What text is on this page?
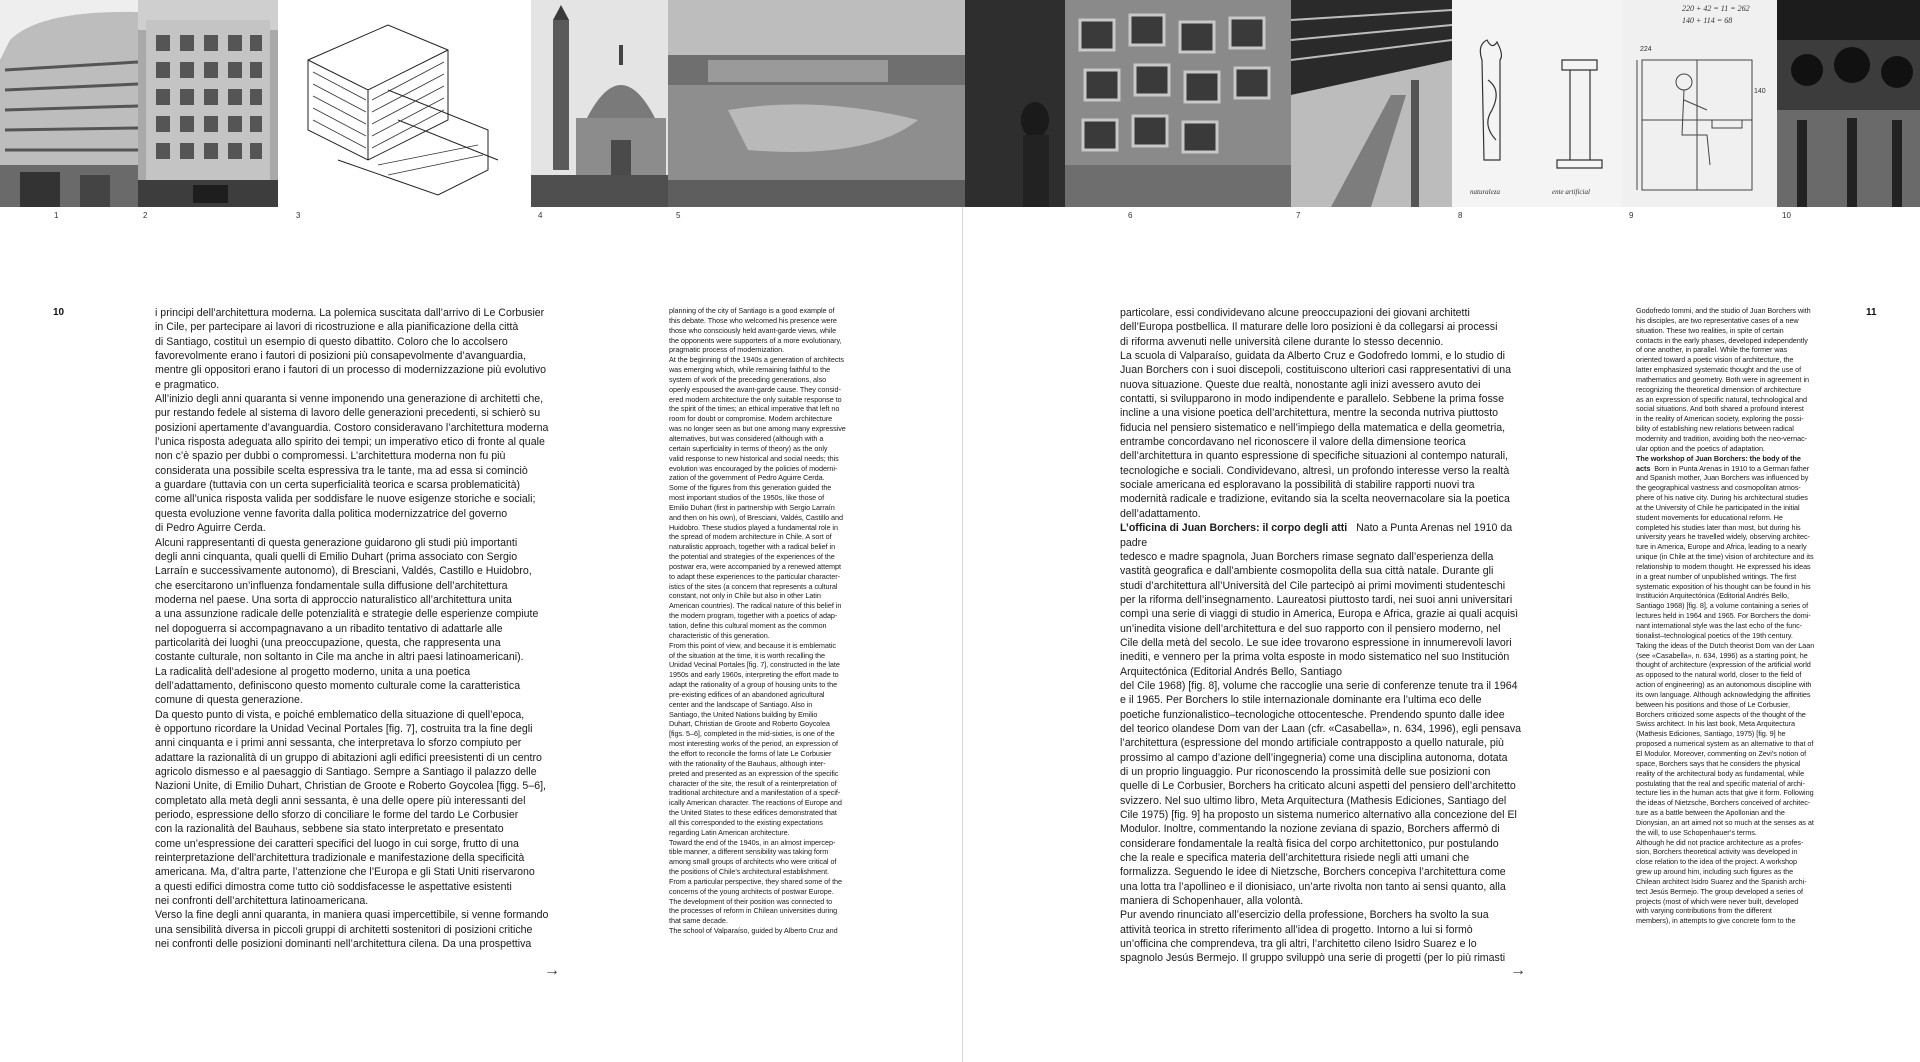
naturaleza	ente artificial
220 + 42 = 11 = 262
140 + 114 = 68
224
140
1	2	3	4	5	6	7	8	9	10
10	11

i principi dell’architettura moderna. La polemica suscitata dall’arrivo di Le Corbusier

in Cile, per partecipare ai lavori di ricostruzione e alla pianificazione della città

di Santiago, costituì un esempio di questo dibattito. Coloro che lo accolsero

favorevolmente erano i fautori di posizioni più consapevolmente d’avanguardia,

mentre gli oppositori erano i fautori di un processo di modernizzazione più evolutivo

e pragmatico.

All’inizio degli anni quaranta si venne imponendo una generazione di architetti che,

pur restando fedele al sistema di lavoro delle generazioni precedenti, si schierò su

posizioni apertamente d’avanguardia. Costoro consideravano l’architettura moderna

l’unica risposta adeguata allo spirito dei tempi; un imperativo etico di fronte al quale

non c’è spazio per dubbi o compromessi. L’architettura moderna non fu più

considerata una possibile scelta espressiva tra le tante, ma ad essa si cominciò

a guardare (tuttavia con un certa superficialità teorica e scarsa problematicità)

come all’unica risposta valida per soddisfare le nuove esigenze storiche e sociali;

questa evoluzione venne favorita dalla politica modernizzatrice del governo

di Pedro Aguirre Cerda.

Alcuni rappresentanti di questa generazione guidarono gli studi più importanti

degli anni cinquanta, quali quelli di Emilio Duhart (prima associato con Sergio

Larraín e successivamente autonomo), di Bresciani, Valdés, Castillo e Huidobro,

che esercitarono un’influenza fondamentale sulla diffusione dell’architettura

moderna nel paese. Una sorta di approccio naturalistico all’architettura unita

a una assunzione radicale delle potenzialità e strategie delle esperienze compiute

nel dopoguerra si accompagnavano a un ribadito tentativo di adattarle alle

particolarità dei luoghi (una preoccupazione, questa, che rappresenta una

costante culturale, non soltanto in Cile ma anche in altri paesi latinoamericani).

La radicalità dell’adesione al progetto moderno, unita a una poetica

dell’adattamento, definiscono questo momento culturale come la caratteristica

comune di questa generazione.

Da questo punto di vista, e poiché emblematico della situazione di quell’epoca,

è opportuno ricordare la Unidad Vecinal Portales [fig. 7], costruita tra la fine degli

anni cinquanta e i primi anni sessanta, che interpretava lo sforzo compiuto per

adattare la razionalità di un gruppo di abitazioni agli edifici preesistenti di un centro

agricolo dismesso e al paesaggio di Santiago. Sempre a Santiago il palazzo delle

Nazioni Unite, di Emilio Duhart, Christian de Groote e Roberto Goycolea [figg. 5–6],

completato alla metà degli anni sessanta, è una delle opere più interessanti del

periodo, espressione dello sforzo di conciliare le forme del tardo Le Corbusier

con la razionalità del Bauhaus, sebbene sia stato interpretato e presentato

come un’espressione dei caratteri specifici del luogo in cui sorge, frutto di una

reinterpretazione dell’architettura tradizionale e manifestazione della specificità

americana. Ma, d’altra parte, l’attenzione che l’Europa e gli Stati Uniti riservarono

a questi edifici dimostra come tutto ciò soddisfacesse le aspettative esistenti

nei confronti dell’architettura latinoamericana.

Verso la fine degli anni quaranta, in maniera quasi impercettibile, si venne formando

una sensibilità diversa in piccoli gruppi di architetti sostenitori di posizioni critiche

nei confronti delle posizioni dominanti nell’architettura cilena. Da una prospettiva

→

planning of the city of Santiago is a good example of

this debate. Those who welcomed his presence were

those who consciously held avant-garde views, while

the opponents were supporters of a more evolutionary,

pragmatic process of modernization.

At the beginning of the 1940s a generation of architects

was emerging which, while remaining faithful to the

system of work of the preceding generations, also

openly espoused the avant-garde cause. They consid-

ered modern architecture the only suitable response to

the spirit of the times; an ethical imperative that left no

room for doubt or compromise. Modern architecture

was no longer seen as but one among many expressive

alternatives, but was considered (although with a

certain superficiality in terms of theory) as the only

valid response to new historical and social needs; this

evolution was encouraged by the policies of moderni-

zation of the government of Pedro Aguirre Cerda.

Some of the figures from this generation guided the

most important studios of the 1950s, like those of

Emilio Duhart (first in partnership with Sergio Larraín

and then on his own), of Bresciani, Valdés, Castillo and

Huidobro. These studios played a fundamental role in

the spread of modern architecture in Chile. A sort of

naturalistic approach, together with a radical belief in

the potential and strategies of the experiences of the

postwar era, were accompanied by a renewed attempt

to adapt these experiences to the particular character-

istics of the sites (a concern that represents a cultural

constant, not only in Chile but also in other Latin

American countries). The radical nature of this belief in

the modern program, together with a poetics of adap-

tation, define this cultural moment as the common

characteristic of this generation.

From this point of view, and because it is emblematic

of the situation at the time, it is worth recalling the

Unidad Vecinal Portales [fig. 7], constructed in the late

1950s and early 1960s, interpreting the effort made to

adapt the rationality of a group of housing units to the

pre-existing edifices of an abandoned agricultural

center and the landscape of Santiago. Also in

Santiago, the United Nations building by Emilio

Duhart, Christian de Groote and Roberto Goycolea

[figs. 5–6], completed in the mid-sixties, is one of the

most interesting works of the period, an expression of

the effort to reconcile the forms of late Le Corbusier

with the rationality of the Bauhaus, although inter-

preted and presented as an expression of the specific

character of the site, the result of a reinterpretation of

traditional architecture and a manifestation of a specif-

ically American character. The reactions of Europe and

the United States to these edifices demonstrated that

all this corresponded to the existing expectations

regarding Latin American architecture.

Toward the end of the 1940s, in an almost impercep-

tible manner, a different sensibility was taking form

among small groups of architects who were critical of

the positions of Chile’s architectural establishment.

From a particular perspective, they shared some of the

concerns of the young architects of postwar Europe.

The development of their position was connected to

the processes of reform in Chilean universities during

that same decade.

The school of Valparaíso, guided by Alberto Cruz and

particolare, essi condividevano alcune preoccupazioni dei giovani architetti

dell’Europa postbellica. Il maturare delle loro posizioni è da collegarsi ai processi

di riforma avvenuti nelle università cilene durante lo stesso decennio.

La scuola di Valparaíso, guidata da Alberto Cruz e Godofredo Iommi, e lo studio di

Juan Borchers con i suoi discepoli, costituiscono ulteriori casi rappresentativi di una

nuova situazione. Queste due realtà, nonostante agli inizi avessero avuto dei

contatti, si svilupparono in modo indipendente e parallelo. Sebbene la prima fosse

incline a una visione poetica dell’architettura, mentre la seconda nutriva piuttosto

fiducia nel pensiero sistematico e nell’impiego della matematica e della geometria,

entrambe concordavano nel riconoscere il valore della dimensione teorica

dell’architettura in quanto espressione di specifiche situazioni al contempo naturali,

tecnologiche e sociali. Condividevano, altresì, un profondo interesse verso la realtà

sociale americana ed esploravano la possibilità di stabilire rapporti nuovi tra

modernità radicale e tradizione, evitando sia la scelta neovernacolare sia la poetica

dell’adattamento.

L’officina di Juan Borchers: il corpo degli atti Nato a Punta Arenas nel 1910 da padre

tedesco e madre spagnola, Juan Borchers rimase segnato dall’esperienza della

vastità geografica e dall’ambiente cosmopolita della sua città natale. Durante gli

studi d’architettura all’Università del Cile partecipò ai primi movimenti studenteschi

per la riforma dell’insegnamento. Laureatosi piuttosto tardi, nei suoi anni universitari

compì una serie di viaggi di studio in America, Europa e Africa, grazie ai quali acquisì

un’inedita visione dell’architettura e del suo rapporto con il pensiero moderno, nel

Cile della metà del secolo. Le sue idee trovarono espressione in innumerevoli lavori

inediti, e vennero per la prima volta esposte in modo sistematico nel suo Institución

Arquitectónica (Editorial Andrés Bello, Santiago

del Cile 1968) [fig. 8], volume che raccoglie una serie di conferenze tenute tra il 1964

e il 1965. Per Borchers lo stile internazionale dominante era l’ultima eco delle

poetiche funzionalistico–tecnologiche ottocentesche. Prendendo spunto dalle idee

del teorico olandese Dom van der Laan (cfr. «Casabella», n. 634, 1996), egli pensava

l’architettura (espressione del mondo artificiale contrapposto a quello naturale, più

prossimo al campo d’azione dell’ingegneria) come una disciplina autonoma, dotata

di un proprio linguaggio. Pur riconoscendo la prossimità delle sue posizioni con

quelle di Le Corbusier, Borchers ha criticato alcuni aspetti del pensiero dell’architetto

svizzero. Nel suo ultimo libro, Meta Arquitectura (Mathesis Ediciones, Santiago del

Cile 1975) [fig. 9] ha proposto un sistema numerico alternativo alla concezione del El

Modulor. Inoltre, commentando la nozione zeviana di spazio, Borchers affermò di

considerare fondamentale la realtà fisica del corpo architettonico, pur postulando

che la reale e specifica materia dell’architettura risiede negli atti umani che

formalizza. Seguendo le idee di Nietzsche, Borchers concepiva l’architettura come

una lotta tra l’apollineo e il dionisiaco, un’arte rivolta non tanto ai sensi quanto, alla

maniera di Schopenhauer, alla volontà.

Pur avendo rinunciato all’esercizio della professione, Borchers ha svolto la sua

attività teorica in stretto riferimento all’idea di progetto. Intorno a lui si formò

un’officina che comprendeva, tra gli altri, l’architetto cileno Isidro Suarez e lo

spagnolo Jesús Bermejo. Il gruppo sviluppò una serie di progetti (per lo più rimasti

→

Godofredo Iommi, and the studio of Juan Borchers with

his disciples, are two representative cases of a new

situation. These two realities, in spite of certain

contacts in the early phases, developed independently

of one another, in parallel. While the former was

oriented toward a poetic vision of architecture, the

latter emphasized systematic thought and the use of

mathematics and geometry. Both were in agreement in

recognizing the theoretical dimension of architecture

as an expression of specific natural, technological and

social situations. And both shared a profound interest

in the reality of American society, exploring the possi-

bility of establishing new relations between radical

modernity and tradition, avoiding both the neo-vernac-

ular option and the poetics of adaptation.

The workshop of Juan Borchers: the body of the

acts Born in Punta Arenas in 1910 to a German father

and Spanish mother, Juan Borchers was influenced by

the geographical vastness and cosmopolitan atmos-

phere of his native city. During his architectural studies

at the University of Chile he participated in the initial

student movements for educational reform. He

completed his studies later than most, but during his

university years he travelled widely, observing architec-

ture in America, Europe and Africa, leading to a nearly

unique (in Chile at the time) vision of architecture and its

relationship to modern thought. He expressed his ideas

in a great number of unpublished writings. The first

systematic exposition of his thought can be found in his

Institución Arquitectónica (Editorial Andrés Bello,

Santiago 1968) [fig. 8], a volume containing a series of

lectures held in 1964 and 1965. For Borchers the domi-

nant international style was the last echo of the func-

tionalist–technological poetics of the 19th century.

Taking the ideas of the Dutch theorist Dom van der Laan

(see «Casabella», n. 634, 1996) as a starting point, he

thought of architecture (expression of the artificial world

as opposed to the natural world, closer to the field of

action of engineering) as an autonomous discipline with

its own language. Although acknowledging the affinities

between his positions and those of Le Corbusier,

Borchers criticized some aspects of the thought of the

Swiss architect. In his last book, Meta Arquitectura

(Mathesis Ediciones, Santiago, 1975) [fig. 9] he

proposed a numerical system as an alternative to that of

El Modulor. Moreover, commenting on Zevi’s notion of

space, Borchers says that he considers the physical

reality of the architectural body as fundamental, while

postulating that the real and specific material of archi-

tecture lies in the human acts that give it form. Following

the ideas of Nietzsche, Borchers conceived of architec-

ture as a battle between the Apollonian and the

Dionysian, an art aimed not so much at the senses as at

the will, to use Schopenhauer’s terms.

Although he did not practice architecture as a profes-

sion, Borchers theoretical activity was developed in

close relation to the idea of the project. A workshop

grew up around him, including such figures as the

Chilean architect Isidro Suarez and the Spanish archi-

tect Jesús Bermejo. The group developed a series of

projects (most of which were never built, developed

with varying contributions from the different

members), in attempts to give concrete form to the
